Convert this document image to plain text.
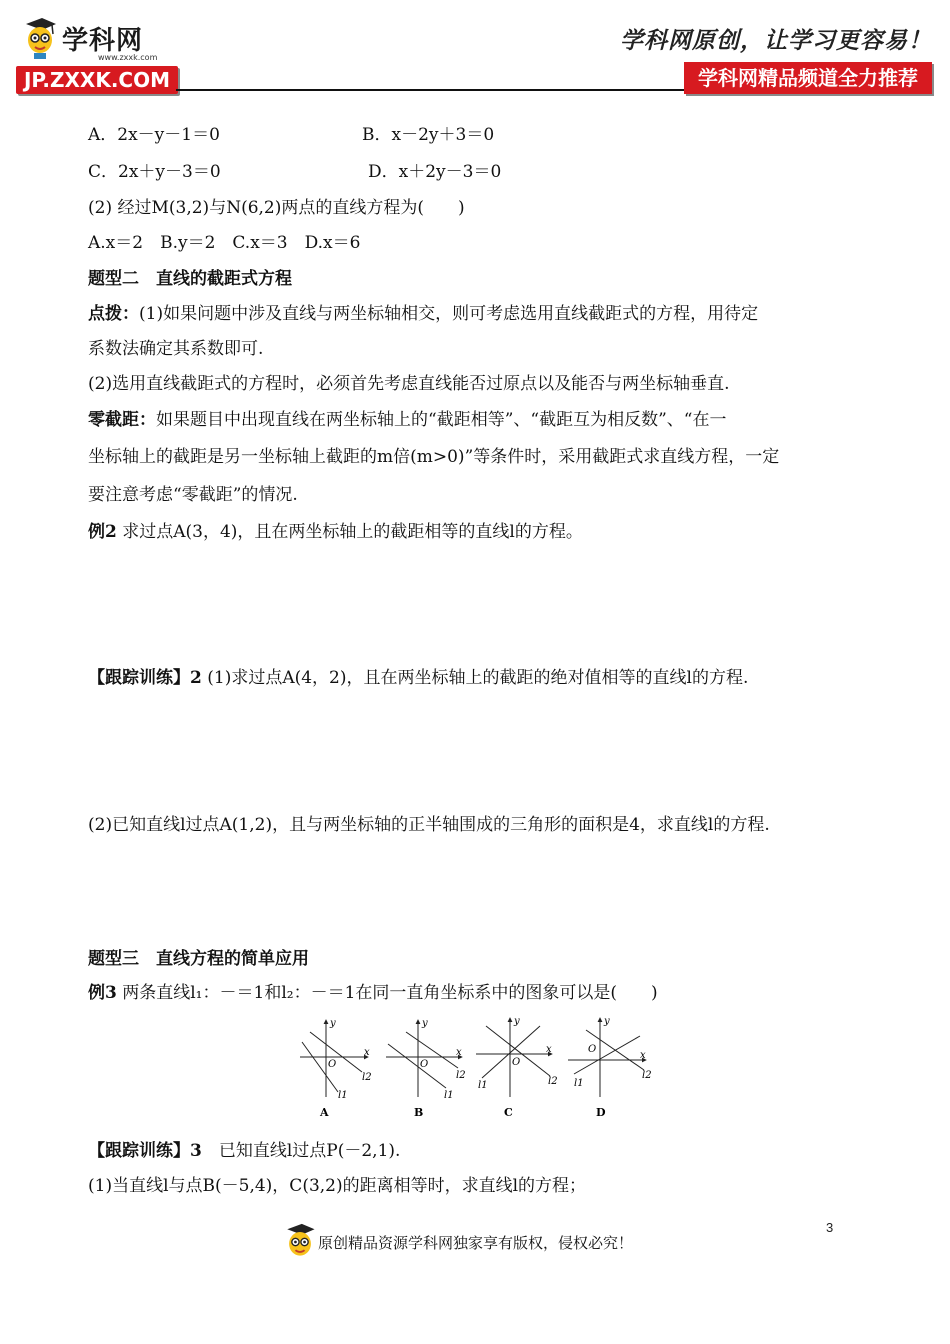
学科网
www.zxxk.com
JP.ZXXK.COM
学科网原创，让学习更容易！
学科网精品频道全力推荐
A．2x－y－1＝0	B．x－2y＋3＝0
C．2x＋y－3＝0	D．x＋2y－3＝0
(2) 经过M(3,2)与N(6,2)两点的直线方程为(　　)
A.x＝2　B.y＝2　C.x＝3　D.x＝6
题型二　直线的截距式方程
点拨：(1)如果问题中涉及直线与两坐标轴相交，则可考虑选用直线截距式的方程，用待定
系数法确定其系数即可.
(2)选用直线截距式的方程时，必须首先考虑直线能否过原点以及能否与两坐标轴垂直.
零截距：如果题目中出现直线在两坐标轴上的“截距相等”、“截距互为相反数”、“在一
坐标轴上的截距是另一坐标轴上截距的m倍(m>0)”等条件时，采用截距式求直线方程，一定
要注意考虑“零截距”的情况.
例2 求过点A(3，4)，且在两坐标轴上的截距相等的直线l的方程。
【跟踪训练】2 (1)求过点A(4，2)，且在两坐标轴上的截距的绝对值相等的直线l的方程.
(2)已知直线l过点A(1,2)，且与两坐标轴的正半轴围成的三角形的面积是4，求直线l的方程.
题型三　直线方程的简单应用
例3 两条直线l₁：－＝1和l₂：－＝1在同一直角坐标系中的图象可以是(　　)
y
x
O
l1
l2
A
y
x
O
l1
l2
B
y
x
O
l1	l2
C
y
x
O
l1
l2
D
【跟踪训练】3　 已知直线l过点P(－2,1).
(1)当直线l与点B(－5,4)，C(3,2)的距离相等时，求直线l的方程；
原创精品资源学科网独家享有版权，侵权必究！
3
